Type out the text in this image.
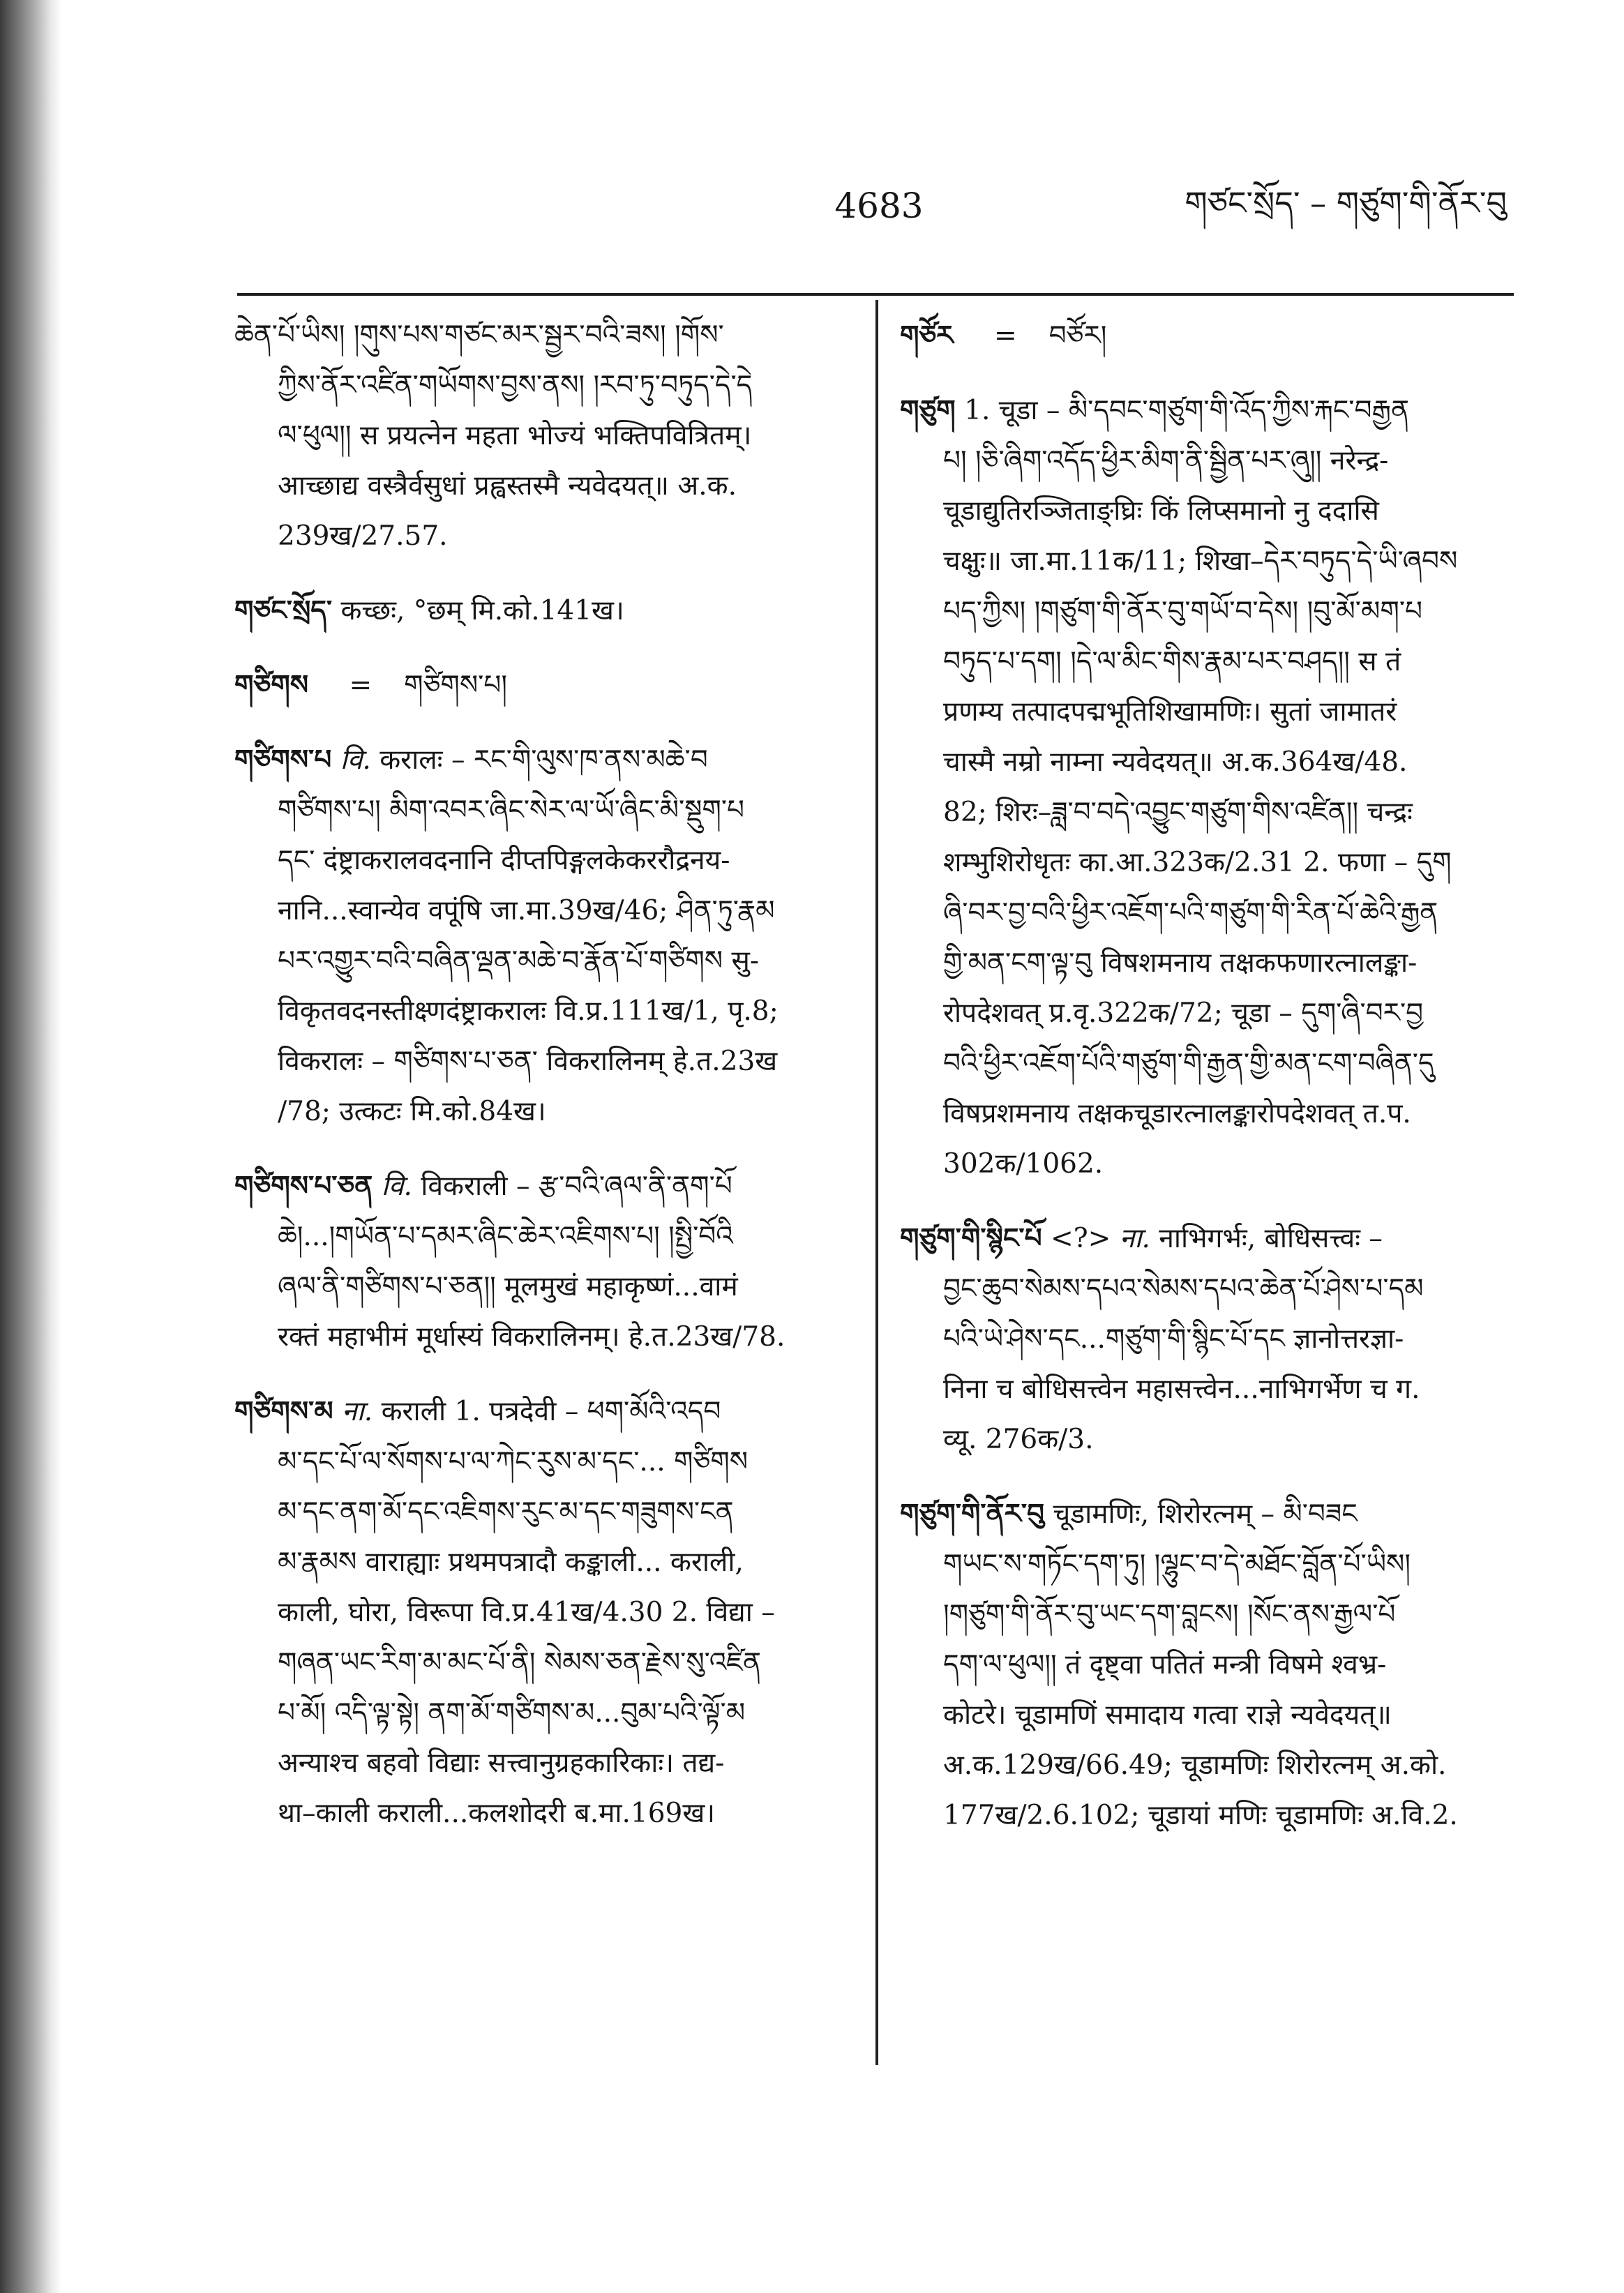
4683	གཙང་སྲོད་ – གཙུག་གི་ནོར་བུ
ཆེན་པོ་ཡིས། །གུས་པས་གཙང་མར་སྦྱར་བའི་ཟས། །གོས་
ཀྱིས་ནོར་འཛིན་གཡོགས་བྱས་ནས། །རབ་ཏུ་བཏུད་དེ་དེ
ལ་ཕུལ།། स प्रयत्नेन महता भोज्यं भक्तिपवित्रितम्।
आच्छाद्य वस्त्रैर्वसुधां प्रह्वस्तस्मै न्यवेदयत्॥ अ.क.
239ख/27.57.
གཙང་སྲོད་ कच्छः, °छम् मि.को.141ख।
གཙིགས = གཙིགས་པ།
གཙིགས་པ वि. करालः – རང་གི་ལུས་ཁ་ནས་མཆེ་བ
གཙིགས་པ། མིག་འབར་ཞིང་སེར་ལ་ཡོ་ཞིང་མི་སྡུག་པ
དང་ दंष्ट्राकरालवदनानि दीप्तपिङ्गलकेकररौद्रनय-
नानि...स्वान्येव वपूंषि जा.मा.39ख/46; ཤིན་ཏུ་རྣམ
པར་འགྱུར་བའི་བཞིན་ལྡན་མཆེ་བ་རྣོན་པོ་གཙིགས सु-
विकृतवदनस्तीक्ष्णदंष्ट्राकरालः वि.प्र.111ख/1, पृ.8;
विकरालः – གཙིགས་པ་ཅན་ विकरालिनम् हे.त.23ख
/78; उत्कटः मि.को.84ख।
གཙིགས་པ་ཅན वि. विकराली – རྩ་བའི་ཞལ་ནི་ནག་པོ
ཆེ།...།གཡོན་པ་དམར་ཞིང་ཆེར་འཇིགས་པ། །སྤྱི་བོའི
ཞལ་ནི་གཙིགས་པ་ཅན།། मूलमुखं महाकृष्णं...वामं
रक्तं महाभीमं मूर्धास्यं विकरालिनम्। हे.त.23ख/78.
གཙིགས་མ ना. कराली 1. पत्रदेवी – ཕག་མོའི་འདབ
མ་དང་པོ་ལ་སོགས་པ་ལ་ཀེང་རུས་མ་དང་... གཙིགས
མ་དང་ནག་མོ་དང་འཇིགས་རུང་མ་དང་གཟུགས་ངན
མ་རྣམས वाराह्याः प्रथमपत्रादौ कङ्काली... कराली,
काली, घोरा, विरूपा वि.प्र.41ख/4.30 2. विद्या –
གཞན་ཡང་རིག་མ་མང་པོ་ནི། སེམས་ཅན་རྗེས་སུ་འཛིན
པ་མོ། འདི་ལྟ་སྟེ། ནག་མོ་གཙིགས་མ...བུམ་པའི་ལྟོ་མ
अन्याश्च बहवो विद्याः सत्त्वानुग्रहकारिकाः। तद्य-
था–काली कराली...कलशोदरी ब.मा.169ख।
གཙོར = བཙོར།
གཙུག 1. चूडा – མི་དབང་གཙུག་གི་འོད་ཀྱིས་རྐང་བརྒྱན
པ། །ཅི་ཞིག་འདོད་ཕྱིར་མིག་ནི་སྦྱིན་པར་ཞུ།། नरेन्द्र-
चूडाद्युतिरञ्जिताङ्घ्रिः किं लिप्समानो नु ददासि
चक्षुः॥ जा.मा.11क/11; शिखा–དེར་བཏུད་དེ་ཡི་ཞབས
པད་ཀྱིས། །གཙུག་གི་ནོར་བུ་གཡོ་བ་དེས། །བུ་མོ་མག་པ
བཏུད་པ་དག། །དེ་ལ་མིང་གིས་རྣམ་པར་བཤད།། स तं
प्रणम्य तत्पादपद्मभूतिशिखामणिः। सुतां जामातरं
चास्मै नम्रो नाम्ना न्यवेदयत्॥ अ.क.364ख/48.
82; शिरः–ཟླ་བ་བདེ་འབྱུང་གཙུག་གིས་འཛིན།། चन्द्रः
शम्भुशिरोधृतः का.आ.323क/2.31 2. फणा – དུག
ཞི་བར་བྱ་བའི་ཕྱིར་འཇོག་པའི་གཙུག་གི་རིན་པོ་ཆེའི་རྒྱན
གྱི་མན་ངག་ལྟ་བུ विषशमनाय तक्षकफणारत्नालङ्का-
रोपदेशवत् प्र.वृ.322क/72; चूडा – དུག་ཞི་བར་བྱ
བའི་ཕྱིར་འཇོག་པོའི་གཙུག་གི་རྒྱན་གྱི་མན་ངག་བཞིན་དུ
विषप्रशमनाय तक्षकचूडारत्नालङ्कारोपदेशवत् त.प.
302क/1062.
གཙུག་གི་སྙིང་པོ <?> ना. नाभिगर्भः, बोधिसत्त्वः –
བྱང་ཆུབ་སེམས་དཔའ་སེམས་དཔའ་ཆེན་པོ་ཤེས་པ་དམ
པའི་ཡེ་ཤེས་དང...གཙུག་གི་སྙིང་པོ་དང ज्ञानोत्तरज्ञा-
निना च बोधिसत्त्वेन महासत्त्वेन...नाभिगर्भेण च ग.
व्यू. 276क/3.
གཙུག་གི་ནོར་བུ चूडामणिः, शिरोरत्नम् – མི་བཟང
གཡང་ས་གཏོང་དག་ཏུ། །ལྷུང་བ་དེ་མཐོང་བློན་པོ་ཡིས།
།གཙུག་གི་ནོར་བུ་ཡང་དག་བླངས། །སོང་ནས་རྒྱལ་པོ
དག་ལ་ཕུལ།། तं दृष्ट्वा पतितं मन्त्री विषमे श्वभ्र-
कोटरे। चूडामणिं समादाय गत्वा राज्ञे न्यवेदयत्॥
अ.क.129ख/66.49; चूडामणिः शिरोरत्नम् अ.को.
177ख/2.6.102; चूडायां मणिः चूडामणिः अ.वि.2.
